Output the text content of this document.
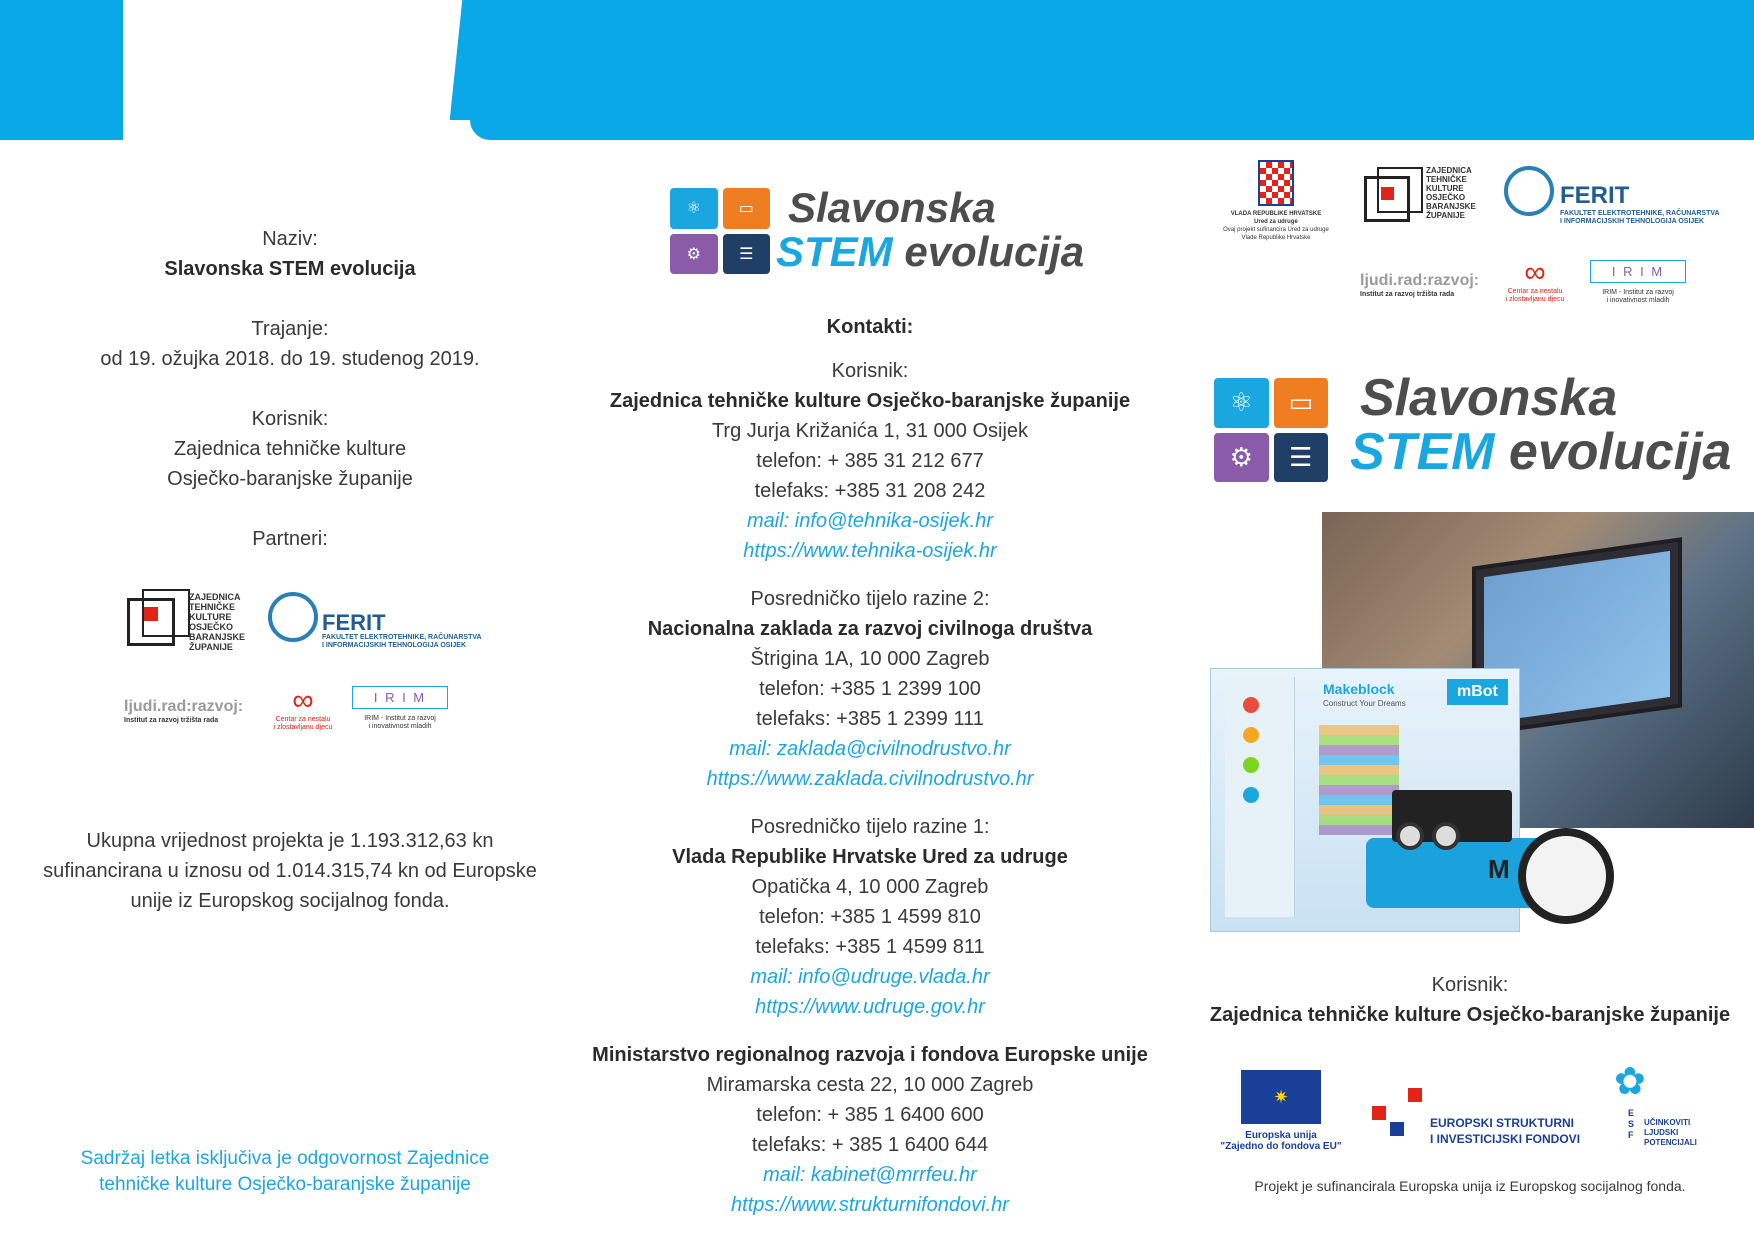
Naziv:
Slavonska STEM evolucija
Trajanje:
od 19. ožujka 2018. do 19. studenog 2019.
Korisnik:
Zajednica tehničke kulture
Osječko-baranjske županije
Partneri:
ZAJEDNICA
TEHNIČKE
KULTURE
OSJEČKO
BARANJSKE
ŽUPANIJE
FERIT
FAKULTET ELEKTROTEHNIKE, RAČUNARSTVA
I INFORMACIJSKIH TEHNOLOGIJA OSIJEK
ljudi.rad:razvoj:
Institut za razvoj tržišta rada
∞
Centar za nestalu
i zlostavljanu djecu
I R I M
IRIM - Institut za razvoj
i inovativnost mladih
Ukupna vrijednost projekta je 1.193.312,63 kn
sufinancirana u iznosu od 1.014.315,74 kn od Europske
unije iz Europskog socijalnog fonda.
Sadržaj letka isključiva je odgovornost Zajednice
tehničke kulture Osječko-baranjske županije
⚛	▭
⚙	☰
Slavonska
STEM evolucija
Kontakti:
Korisnik:
Zajednica tehničke kulture Osječko-baranjske županije
Trg Jurja Križanića 1, 31 000 Osijek
telefon: + 385 31 212 677
telefaks: +385 31 208 242
mail: info@tehnika-osijek.hr
https://www.tehnika-osijek.hr
Posredničko tijelo razine 2:
Nacionalna zaklada za razvoj civilnoga društva
Štrigina 1A, 10 000 Zagreb
telefon: +385 1 2399 100
telefaks: +385 1 2399 111
mail: zaklada@civilnodrustvo.hr
https://www.zaklada.civilnodrustvo.hr
Posredničko tijelo razine 1:
Vlada Republike Hrvatske Ured za udruge
Opatička 4, 10 000 Zagreb
telefon: +385 1 4599 810
telefaks: +385 1 4599 811
mail: info@udruge.vlada.hr
https://www.udruge.gov.hr
Ministarstvo regionalnog razvoja i fondova Europske unije
Miramarska cesta 22, 10 000 Zagreb
telefon: + 385 1 6400 600
telefaks: + 385 1 6400 644
mail: kabinet@mrrfeu.hr
https://www.strukturnifondovi.hr
VLADA REPUBLIKE HRVATSKE
Ured za udruge
Ovaj projekt sufinancira Ured za udruge
Vlade Republike Hrvatske
ZAJEDNICA
TEHNIČKE
KULTURE
OSJEČKO
BARANJSKE
ŽUPANIJE
FERIT
FAKULTET ELEKTROTEHNIKE, RAČUNARSTVA
I INFORMACIJSKIH TEHNOLOGIJA OSIJEK
ljudi.rad:razvoj:
Institut za razvoj tržišta rada
∞
Centar za nestalu
i zlostavljanu djecu
I R I M
IRIM - Institut za razvoj
i inovativnost mladih
⚛	▭
⚙	☰
Slavonska
STEM evolucija
Makeblock
Construct Your Dreams
mBot
M
Korisnik:
Zajednica tehničke kulture Osječko-baranjske županije
✷
Europska unija
"Zajedno do fondova EU"
EUROPSKI STRUKTURNI
I INVESTICIJSKI FONDOVI
✿
E S F
UČINKOVITI
LJUDSKI
POTENCIJALI
Projekt je sufinancirala Europska unija iz Europskog socijalnog fonda.
